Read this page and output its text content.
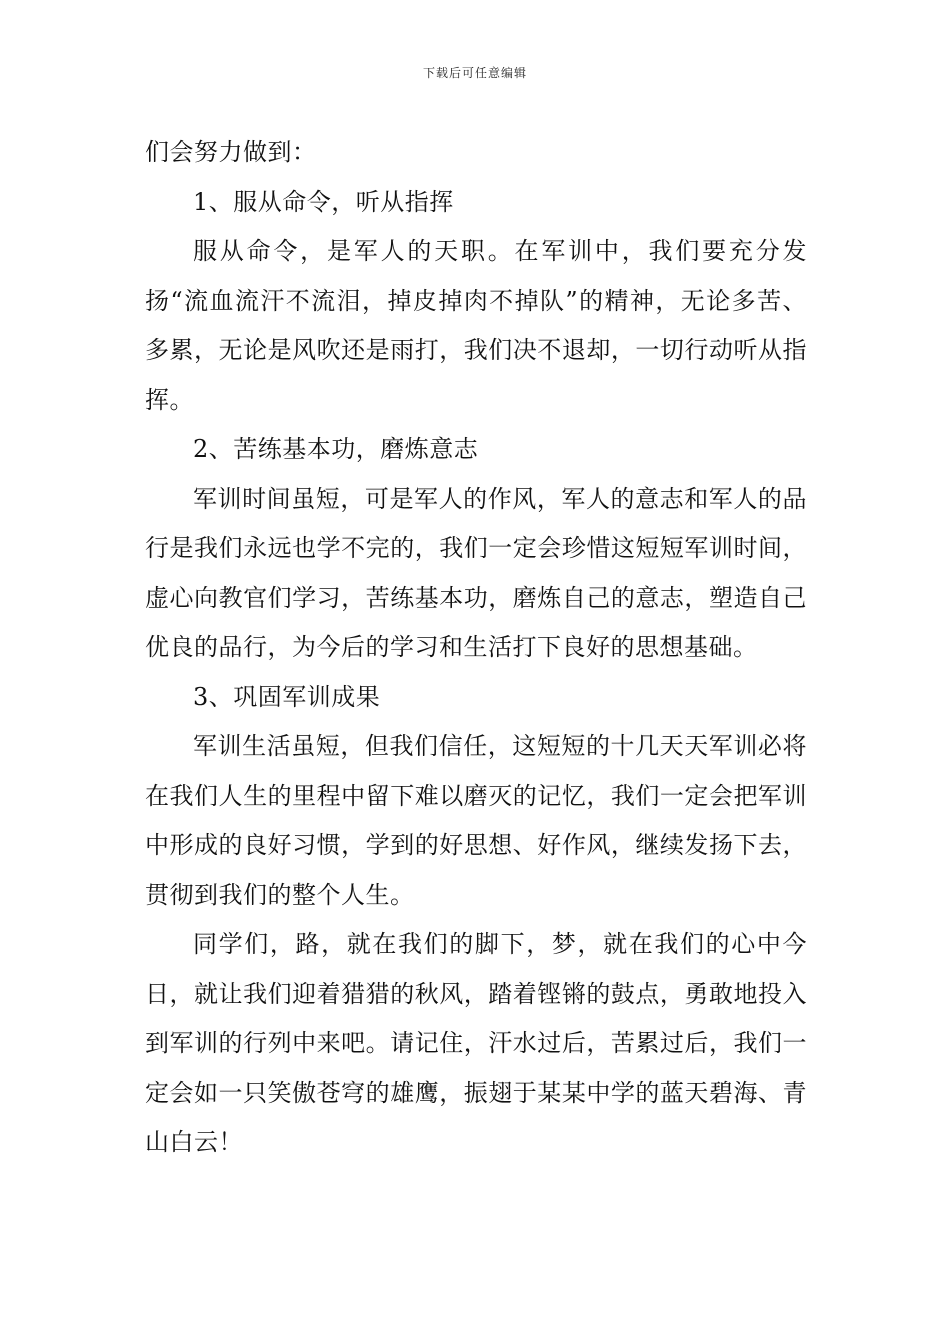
下载后可任意编辑

们会努力做到：

1、服从命令，听从指挥

服从命令，是军人的天职。在军训中，我们要充分发扬“流血流汗不流泪，掉皮掉肉不掉队”的精神，无论多苦、多累，无论是风吹还是雨打，我们决不退却，一切行动听从指挥。

2、苦练基本功，磨炼意志

军训时间虽短，可是军人的作风，军人的意志和军人的品行是我们永远也学不完的，我们一定会珍惜这短短军训时间，虚心向教官们学习，苦练基本功，磨炼自己的意志，塑造自己优良的品行，为今后的学习和生活打下良好的思想基础。

3、巩固军训成果

军训生活虽短，但我们信任，这短短的十几天天军训必将在我们人生的里程中留下难以磨灭的记忆，我们一定会把军训中形成的良好习惯，学到的好思想、好作风，继续发扬下去，贯彻到我们的整个人生。

同学们，路，就在我们的脚下，梦，就在我们的心中今日，就让我们迎着猎猎的秋风，踏着铿锵的鼓点，勇敢地投入到军训的行列中来吧。请记住，汗水过后，苦累过后，我们一定会如一只笑傲苍穹的雄鹰，振翅于某某中学的蓝天碧海、青山白云！
